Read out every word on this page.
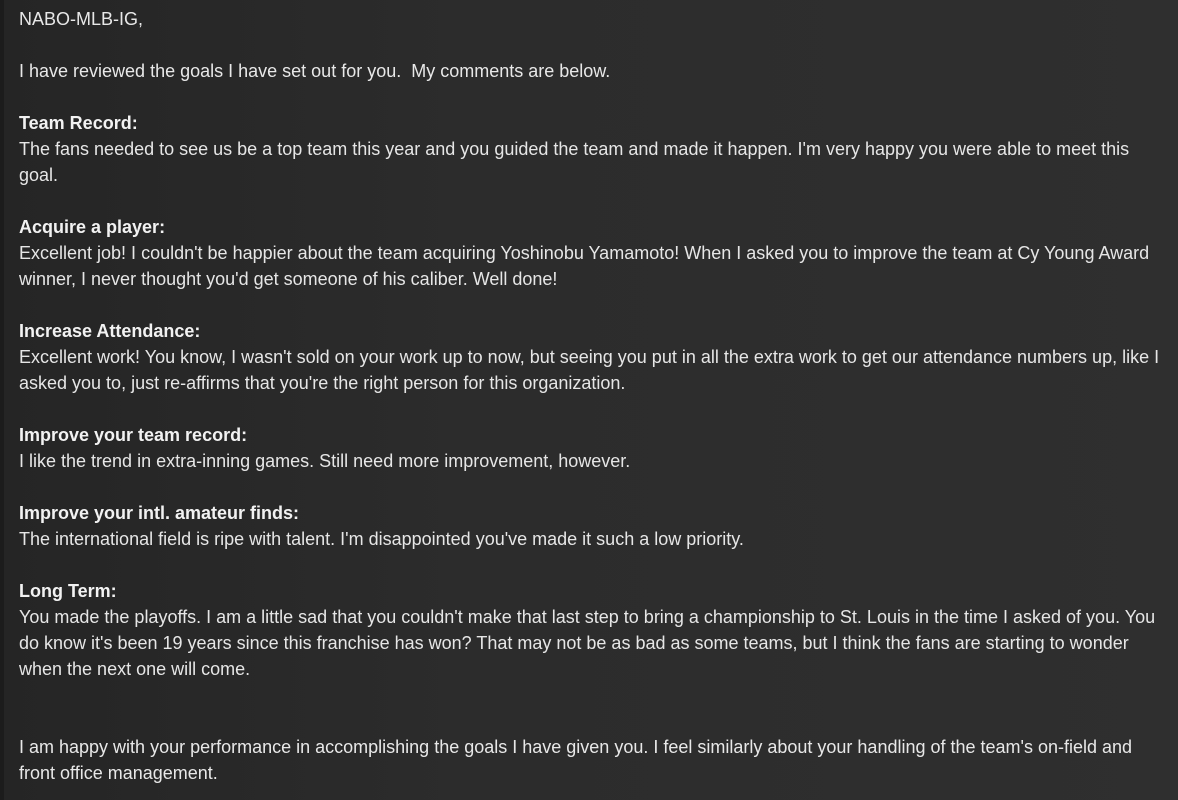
NABO-MLB-IG,

I have reviewed the goals I have set out for you.  My comments are below.

Team Record:

The fans needed to see us be a top team this year and you guided the team and made it happen. I'm very happy you were able to meet this goal.

Acquire a player:

Excellent job! I couldn't be happier about the team acquiring Yoshinobu Yamamoto! When I asked you to improve the team at Cy Young Award winner, I never thought you'd get someone of his caliber. Well done!

Increase Attendance:

Excellent work! You know, I wasn't sold on your work up to now, but seeing you put in all the extra work to get our attendance numbers up, like I asked you to, just re-affirms that you're the right person for this organization.

Improve your team record:

I like the trend in extra-inning games. Still need more improvement, however.

Improve your intl. amateur finds:

The international field is ripe with talent. I'm disappointed you've made it such a low priority.

Long Term:

You made the playoffs. I am a little sad that you couldn't make that last step to bring a championship to St. Louis in the time I asked of you. You do know it's been 19 years since this franchise has won? That may not be as bad as some teams, but I think the fans are starting to wonder when the next one will come.

I am happy with your performance in accomplishing the goals I have given you. I feel similarly about your handling of the team's on-field and front office management.
